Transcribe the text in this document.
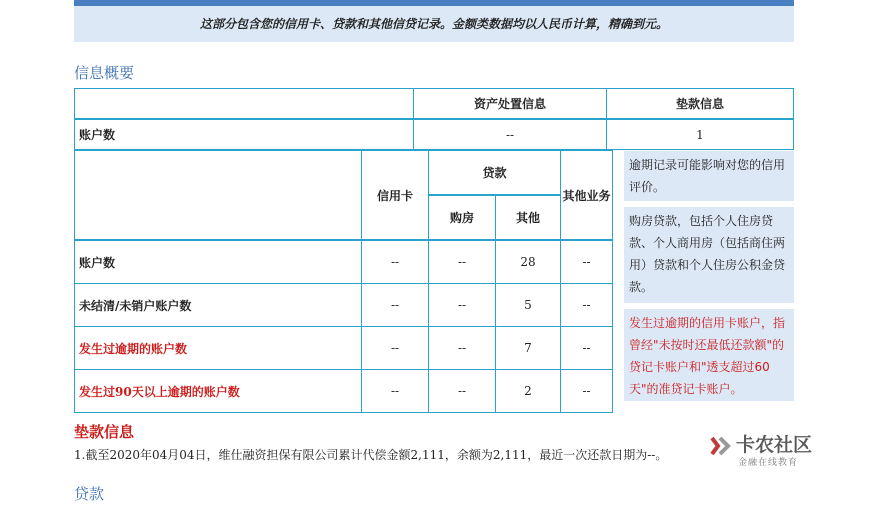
这部分包含您的信用卡、贷款和其他信贷记录。金额类数据均以人民币计算，精确到元。
信息概要
	资产处置信息	垫款信息
账户数	--	1
	信用卡	贷款		其他业务
		购房	其他	
账户数	--	--	28	--
未结清/未销户账户数	--	--	5	--
发生过逾期的账户数	--	--	7	--
发生过90天以上逾期的账户数	--	--	2	--
逾期记录可能影响对您的信用评价。
购房贷款，包括个人住房贷款、个人商用房（包括商住两用）贷款和个人住房公积金贷款。
发生过逾期的信用卡账户，指曾经"未按时还最低还款额"的贷记卡账户和"透支超过60天"的准贷记卡账户。
垫款信息
1.截至2020年04月04日，维仕融资担保有限公司累计代偿金额2,111，余额为2,111，最近一次还款日期为--。
贷款
卡农社区
金融在线教育
